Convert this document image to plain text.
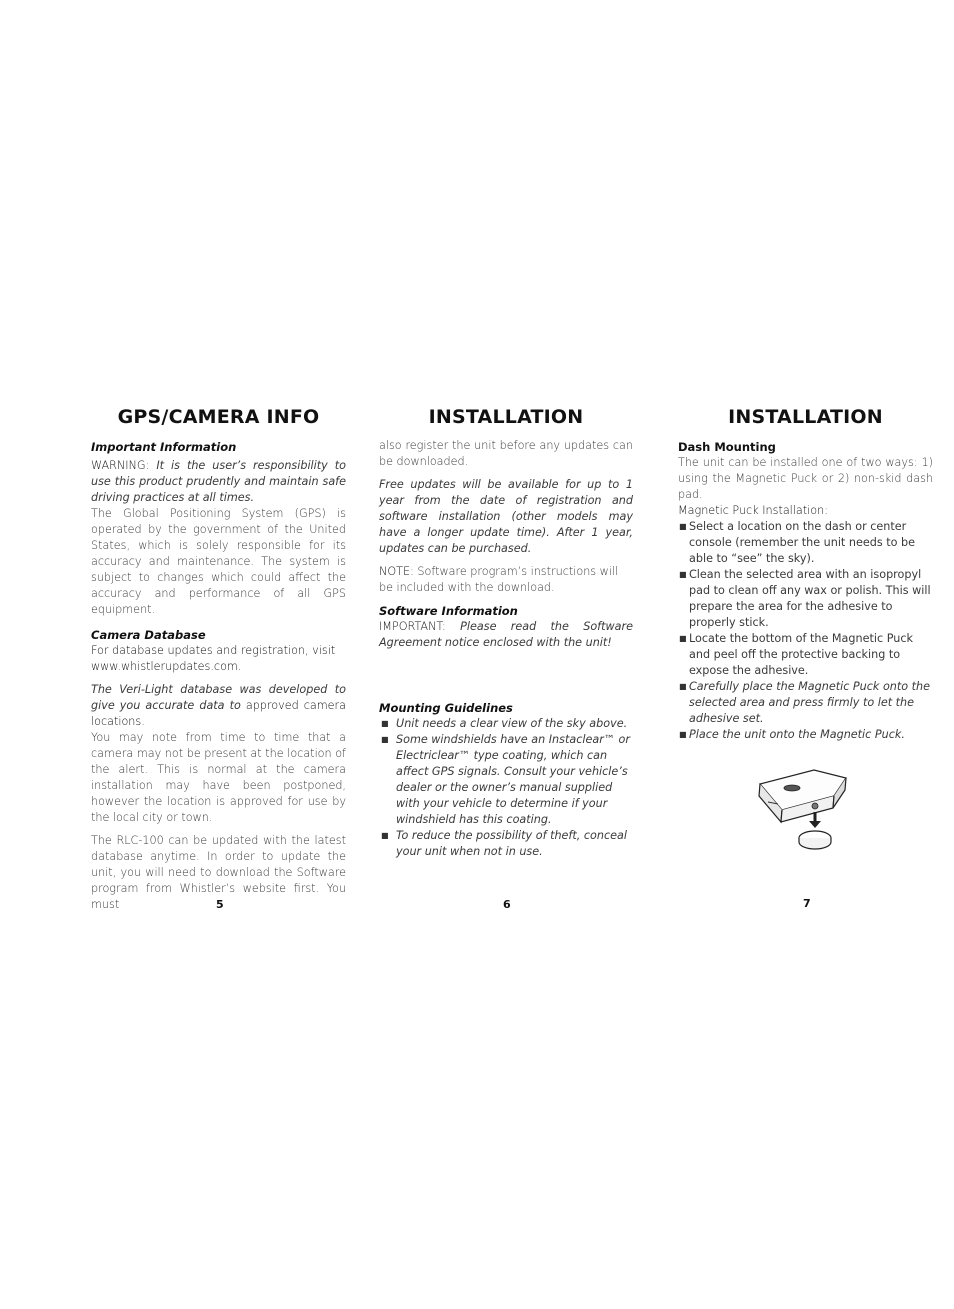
GPS/CAMERA INFO
Important Information

WARNING: It is the user’s responsibility to use this product prudently and maintain safe driving practices at all times.

The Global Positioning System (GPS) is operated by the government of the United States, which is solely responsible for its accuracy and maintenance. The system is subject to changes which could affect the accuracy and performance of all GPS equipment.

Camera Database

For database updates and registration, visit www.whistlerupdates.com.

The Veri-Light database was developed to give you accurate data to approved camera locations.

You may note from time to time that a camera may not be present at the location of the alert. This is normal at the camera installation may have been postponed, however the location is approved for use by the local city or town.

The RLC-100 can be updated with the latest database anytime. In order to update the unit, you will need to download the Software program from Whistler’s website first. You must	5
INSTALLATION

also register the unit before any updates can be downloaded.

Free updates will be available for up to 1 year from the date of registration and software installation (other models may have a longer update time). After 1 year, updates can be purchased.

NOTE: Software program’s instructions will be included with the download.

Software Information

IMPORTANT: Please read the Software Agreement notice enclosed with the unit!

Mounting Guidelines
■ Unit needs a clear view of the sky above.
■ Some windshields have an Instaclear™ or Electriclear™ type coating, which can affect GPS signals. Consult your vehicle’s dealer or the owner’s manual supplied with your vehicle to determine if your windshield has this coating.
■ To reduce the possibility of theft, conceal your unit when not in use.
6
INSTALLATION
Dash Mounting

The unit can be installed one of two ways: 1) using the Magnetic Puck or 2) non-skid dash pad.

Magnetic Puck Installation:

■ Select a location on the dash or center console (remember the unit needs to be able to “see” the sky).
■ Clean the selected area with an isopropyl pad to clean off any wax or polish. This will prepare the area for the adhesive to properly stick.
■ Locate the bottom of the Magnetic Puck and peel off the protective backing to expose the adhesive.
■ Carefully place the Magnetic Puck onto the selected area and press firmly to let the adhesive set.
■ Place the unit onto the Magnetic Puck.
7
